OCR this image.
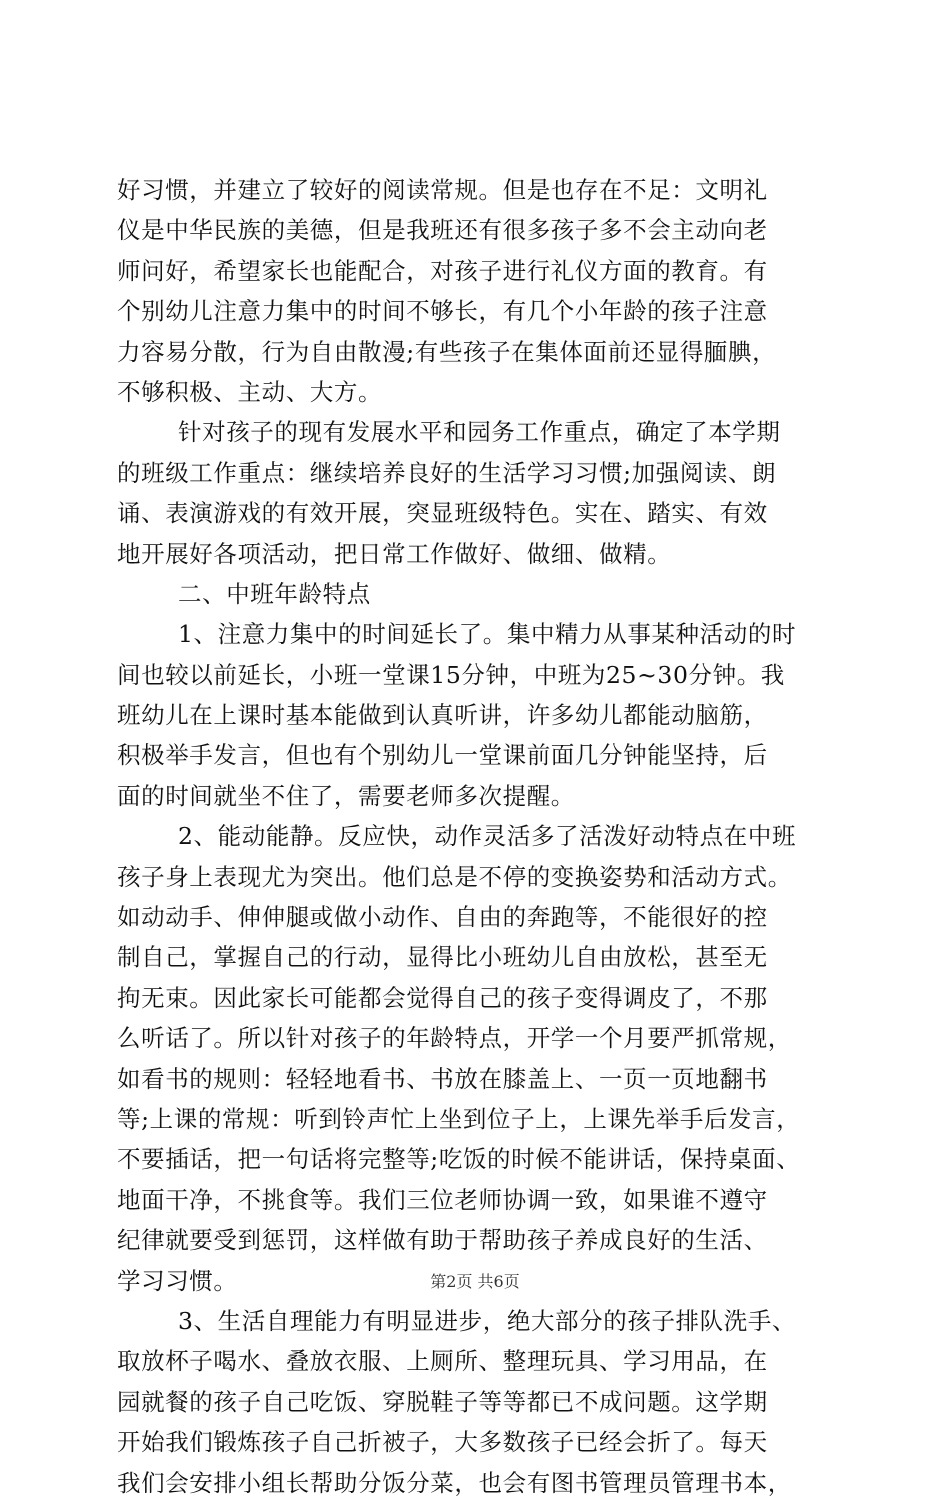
好习惯，并建立了较好的阅读常规。但是也存在不足：文明礼
仪是中华民族的美德，但是我班还有很多孩子多不会主动向老
师问好，希望家长也能配合，对孩子进行礼仪方面的教育。有
个别幼儿注意力集中的时间不够长，有几个小年龄的孩子注意
力容易分散，行为自由散漫;有些孩子在集体面前还显得腼腆，
不够积极、主动、大方。
针对孩子的现有发展水平和园务工作重点，确定了本学期
的班级工作重点：继续培养良好的生活学习习惯;加强阅读、朗
诵、表演游戏的有效开展，突显班级特色。实在、踏实、有效
地开展好各项活动，把日常工作做好、做细、做精。
二、中班年龄特点
1、注意力集中的时间延长了。集中精力从事某种活动的时
间也较以前延长，小班一堂课15分钟，中班为25~30分钟。我
班幼儿在上课时基本能做到认真听讲，许多幼儿都能动脑筋，
积极举手发言，但也有个别幼儿一堂课前面几分钟能坚持，后
面的时间就坐不住了，需要老师多次提醒。
2、能动能静。反应快，动作灵活多了活泼好动特点在中班
孩子身上表现尤为突出。他们总是不停的变换姿势和活动方式。
如动动手、伸伸腿或做小动作、自由的奔跑等，不能很好的控
制自己，掌握自己的行动，显得比小班幼儿自由放松，甚至无
拘无束。因此家长可能都会觉得自己的孩子变得调皮了，不那
么听话了。所以针对孩子的年龄特点，开学一个月要严抓常规，
如看书的规则：轻轻地看书、书放在膝盖上、一页一页地翻书
等;上课的常规：听到铃声忙上坐到位子上，上课先举手后发言，
不要插话，把一句话将完整等;吃饭的时候不能讲话，保持桌面、
地面干净，不挑食等。我们三位老师协调一致，如果谁不遵守
纪律就要受到惩罚，这样做有助于帮助孩子养成良好的生活、
学习习惯。
3、生活自理能力有明显进步，绝大部分的孩子排队洗手、
取放杯子喝水、叠放衣服、上厕所、整理玩具、学习用品，在
园就餐的孩子自己吃饭、穿脱鞋子等等都已不成问题。这学期
开始我们锻炼孩子自己折被子，大多数孩子已经会折了。每天
我们会安排小组长帮助分饭分菜，也会有图书管理员管理书本，
第2页 共6页
